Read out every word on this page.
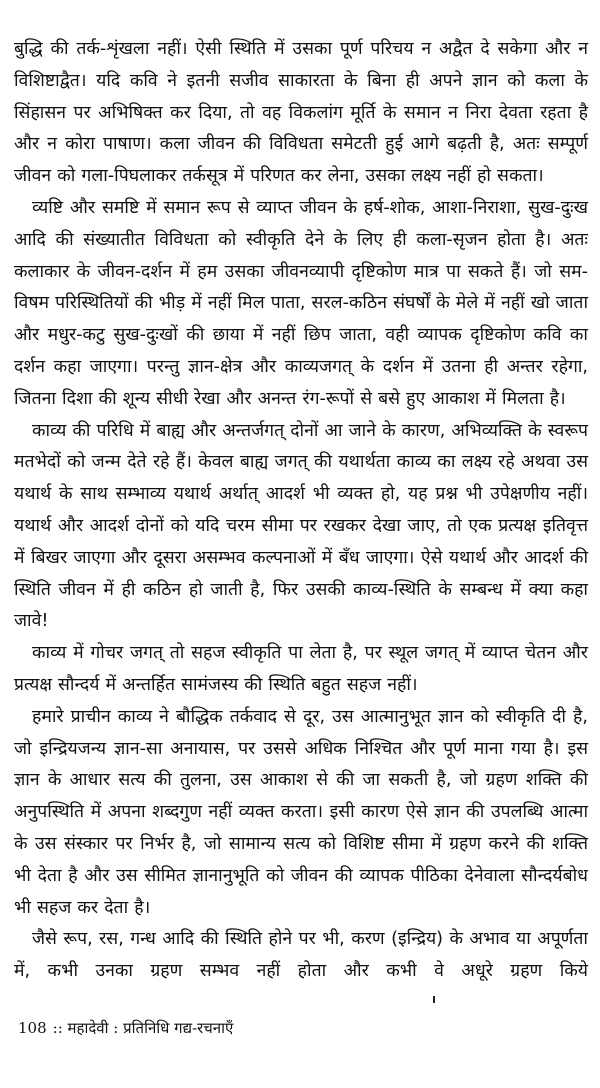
बुद्धि की तर्क-शृंखला नहीं। ऐसी स्थिति में उसका पूर्ण परिचय न अद्वैत दे सकेगा और न विशिष्टाद्वैत। यदि कवि ने इतनी सजीव साकारता के बिना ही अपने ज्ञान को कला के सिंहासन पर अभिषिक्त कर दिया, तो वह विकलांग मूर्ति के समान न निरा देवता रहता है और न कोरा पाषाण। कला जीवन की विविधता समेटती हुई आगे बढ़ती है, अतः सम्पूर्ण जीवन को गला-पिघलाकर तर्कसूत्र में परिणत कर लेना, उसका लक्ष्य नहीं हो सकता।

व्यष्टि और समष्टि में समान रूप से व्याप्त जीवन के हर्ष-शोक, आशा-निराशा, सुख-दुःख आदि की संख्यातीत विविधता को स्वीकृति देने के लिए ही कला-सृजन होता है। अतः कलाकार के जीवन-दर्शन में हम उसका जीवनव्यापी दृष्टिकोण मात्र पा सकते हैं। जो सम-विषम परिस्थितियों की भीड़ में नहीं मिल पाता, सरल-कठिन संघर्षों के मेले में नहीं खो जाता और मधुर-कटु सुख-दुःखों की छाया में नहीं छिप जाता, वही व्यापक दृष्टिकोण कवि का दर्शन कहा जाएगा। परन्तु ज्ञान-क्षेत्र और काव्यजगत् के दर्शन में उतना ही अन्तर रहेगा, जितना दिशा की शून्य सीधी रेखा और अनन्त रंग-रूपों से बसे हुए आकाश में मिलता है।

काव्य की परिधि में बाह्य और अन्तर्जगत् दोनों आ जाने के कारण, अभिव्यक्ति के स्वरूप मतभेदों को जन्म देते रहे हैं। केवल बाह्य जगत् की यथार्थता काव्य का लक्ष्य रहे अथवा उस यथार्थ के साथ सम्भाव्य यथार्थ अर्थात् आदर्श भी व्यक्त हो, यह प्रश्न भी उपेक्षणीय नहीं। यथार्थ और आदर्श दोनों को यदि चरम सीमा पर रखकर देखा जाए, तो एक प्रत्यक्ष इतिवृत्त में बिखर जाएगा और दूसरा असम्भव कल्पनाओं में बँध जाएगा। ऐसे यथार्थ और आदर्श की स्थिति जीवन में ही कठिन हो जाती है, फिर उसकी काव्य-स्थिति के सम्बन्ध में क्या कहा जावे!

काव्य में गोचर जगत् तो सहज स्वीकृति पा लेता है, पर स्थूल जगत् में व्याप्त चेतन और प्रत्यक्ष सौन्दर्य में अन्तर्हित सामंजस्य की स्थिति बहुत सहज नहीं।

हमारे प्राचीन काव्य ने बौद्धिक तर्कवाद से दूर, उस आत्मानुभूत ज्ञान को स्वीकृति दी है, जो इन्द्रियजन्य ज्ञान-सा अनायास, पर उससे अधिक निश्चित और पूर्ण माना गया है। इस ज्ञान के आधार सत्य की तुलना, उस आकाश से की जा सकती है, जो ग्रहण शक्ति की अनुपस्थिति में अपना शब्दगुण नहीं व्यक्त करता। इसी कारण ऐसे ज्ञान की उपलब्धि आत्मा के उस संस्कार पर निर्भर है, जो सामान्य सत्य को विशिष्ट सीमा में ग्रहण करने की शक्ति भी देता है और उस सीमित ज्ञानानुभूति को जीवन की व्यापक पीठिका देनेवाला सौन्दर्यबोध भी सहज कर देता है।

जैसे रूप, रस, गन्ध आदि की स्थिति होने पर भी, करण (इन्द्रिय) के अभाव या अपूर्णता में, कभी उनका ग्रहण सम्भव नहीं होता और कभी वे अधूरे ग्रहण किये

108 :: महादेवी : प्रतिनिधि गद्य-रचनाएँ
